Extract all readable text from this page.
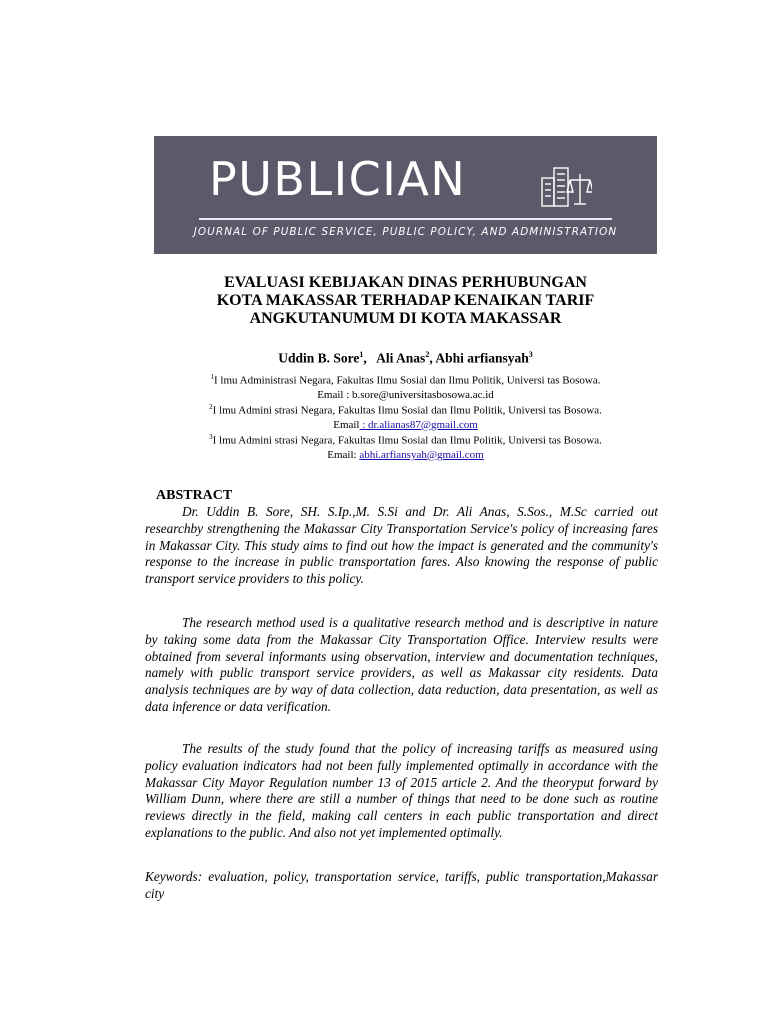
PUBLICIAN
JOURNAL OF PUBLIC SERVICE, PUBLIC POLICY, AND ADMINISTRATION
EVALUASI KEBIJAKAN DINAS PERHUBUNGAN
KOTA MAKASSAR TERHADAP KENAIKAN TARIF
ANGKUTANUMUM DI KOTA MAKASSAR
Uddin B. Sore$^1$,   Ali Anas$^2$, Abhi arfiansyah$^3$
$^1$I lmu Administrasi Negara, Fakultas Ilmu Sosial dan Ilmu Politik, Universi tas Bosowa.
Email : b.sore@universitasbosowa.ac.id
$^2$I lmu Admini strasi Negara, Fakultas Ilmu Sosial dan Ilmu Politik, Universi tas Bosowa.
Email : dr.alianas87@gmail.com
$^3$I lmu Admini strasi Negara, Fakultas Ilmu Sosial dan Ilmu Politik, Universi tas Bosowa.
Email: abhi.arfiansyah@gmail.com
ABSTRACT

Dr. Uddin B. Sore, SH. S.Ip.,M. S.Si and Dr. Ali Anas, S.Sos., M.Sc carried out researchby strengthening the Makassar City Transportation Service's policy of increasing fares in Makassar City. This study aims to find out how the impact is generated and the community's response to the increase in public transportation fares. Also knowing the response of public transport service providers to this policy.

The research method used is a qualitative research method and is descriptive in nature by taking some data from the Makassar City Transportation Office. Interview results were obtained from several informants using observation, interview and documentation techniques, namely with public transport service providers, as well as Makassar city residents. Data analysis techniques are by way of data collection, data reduction, data presentation, as well as data inference or data verification.

The results of the study found that the policy of increasing tariffs as measured using policy evaluation indicators had not been fully implemented optimally in accordance with the Makassar City Mayor Regulation number 13 of 2015 article 2. And the theoryput forward by William Dunn, where there are still a number of things that need to be done such as routine reviews directly in the field, making call centers in each public transportation and direct explanations to the public. And also not yet implemented optimally.

Keywords: evaluation, policy, transportation service, tariffs, public transportation,Makassar city
